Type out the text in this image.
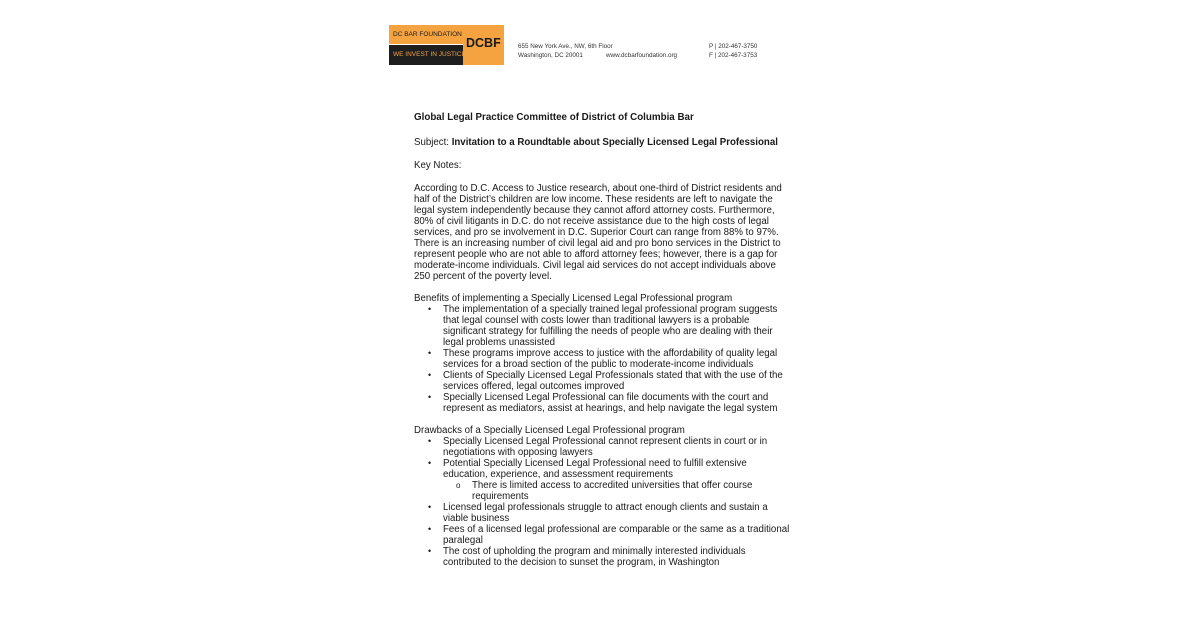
DC BAR FOUNDATION
WE INVEST IN JUSTICE
DCBF	655 New York Ave., NW, 6th Floor
Washington, DC 20001	www.dcbarfoundation.org
P | 202-467-3750
F | 202-467-3753

Global Legal Practice Committee of District of Columbia Bar

Subject: Invitation to a Roundtable about Specially Licensed Legal Professional

Key Notes:

According to D.C. Access to Justice research, about one-third of District residents and half of the District’s children are low income. These residents are left to navigate the legal system independently because they cannot afford attorney costs. Furthermore, 80% of civil litigants in D.C. do not receive assistance due to the high costs of legal services, and pro se involvement in D.C. Superior Court can range from 88% to 97%. There is an increasing number of civil legal aid and pro bono services in the District to represent people who are not able to afford attorney fees; however, there is a gap for moderate-income individuals. Civil legal aid services do not accept individuals above 250 percent of the poverty level.

Benefits of implementing a Specially Licensed Legal Professional program

• The implementation of a specially trained legal professional program suggests that legal counsel with costs lower than traditional lawyers is a probable significant strategy for fulfilling the needs of people who are dealing with their legal problems unassisted
• These programs improve access to justice with the affordability of quality legal services for a broad section of the public to moderate-income individuals
• Clients of Specially Licensed Legal Professionals stated that with the use of the services offered, legal outcomes improved
• Specially Licensed Legal Professional can file documents with the court and represent as mediators, assist at hearings, and help navigate the legal system

Drawbacks of a Specially Licensed Legal Professional program

• Specially Licensed Legal Professional cannot represent clients in court or in negotiations with opposing lawyers
• Potential Specially Licensed Legal Professional need to fulfill extensive education, experience, and assessment requirements
o There is limited access to accredited universities that offer course requirements
• Licensed legal professionals struggle to attract enough clients and sustain a viable business
• Fees of a licensed legal professional are comparable or the same as a traditional paralegal
• The cost of upholding the program and minimally interested individuals contributed to the decision to sunset the program, in Washington
